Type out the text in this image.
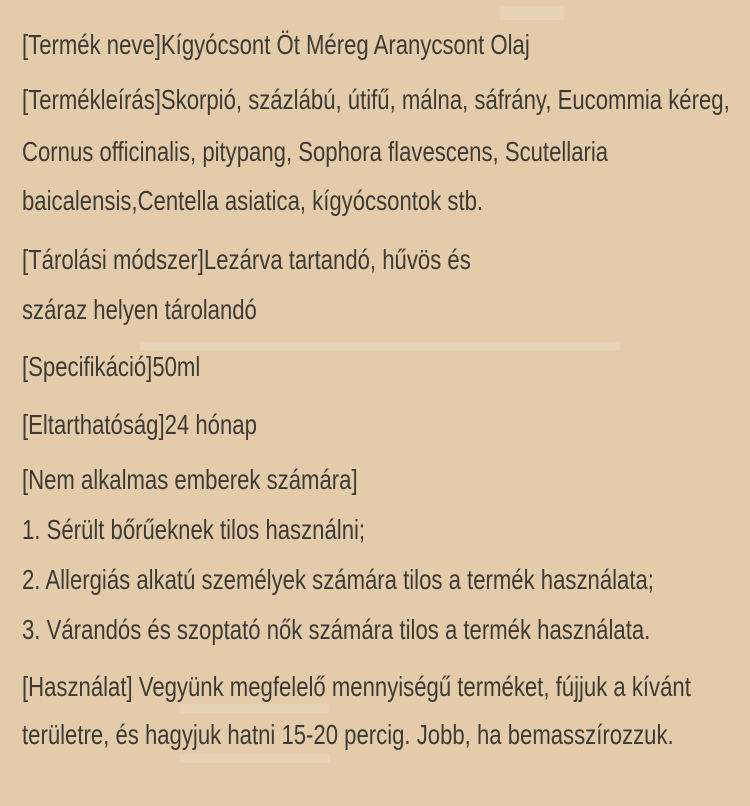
[Termék neve]Kígyócsont Öt Méreg Aranycsont Olaj
[Termékleírás]Skorpió, százlábú, útifű, málna, sáfrány, Eucommia kéreg,
Cornus officinalis, pitypang, Sophora flavescens, Scutellaria
baicalensis,Centella asiatica, kígyócsontok stb.
[Tárolási módszer]Lezárva tartandó, hűvös és
száraz helyen tárolandó
[Specifikáció]50ml
[Eltarthatóság]24 hónap
[Nem alkalmas emberek számára]
1. Sérült bőrűeknek tilos használni;
2. Allergiás alkatú személyek számára tilos a termék használata;
3. Várandós és szoptató nők számára tilos a termék használata.
[Használat] Vegyünk megfelelő mennyiségű terméket, fújjuk a kívánt
területre, és hagyjuk hatni 15-20 percig. Jobb, ha bemasszírozzuk.
